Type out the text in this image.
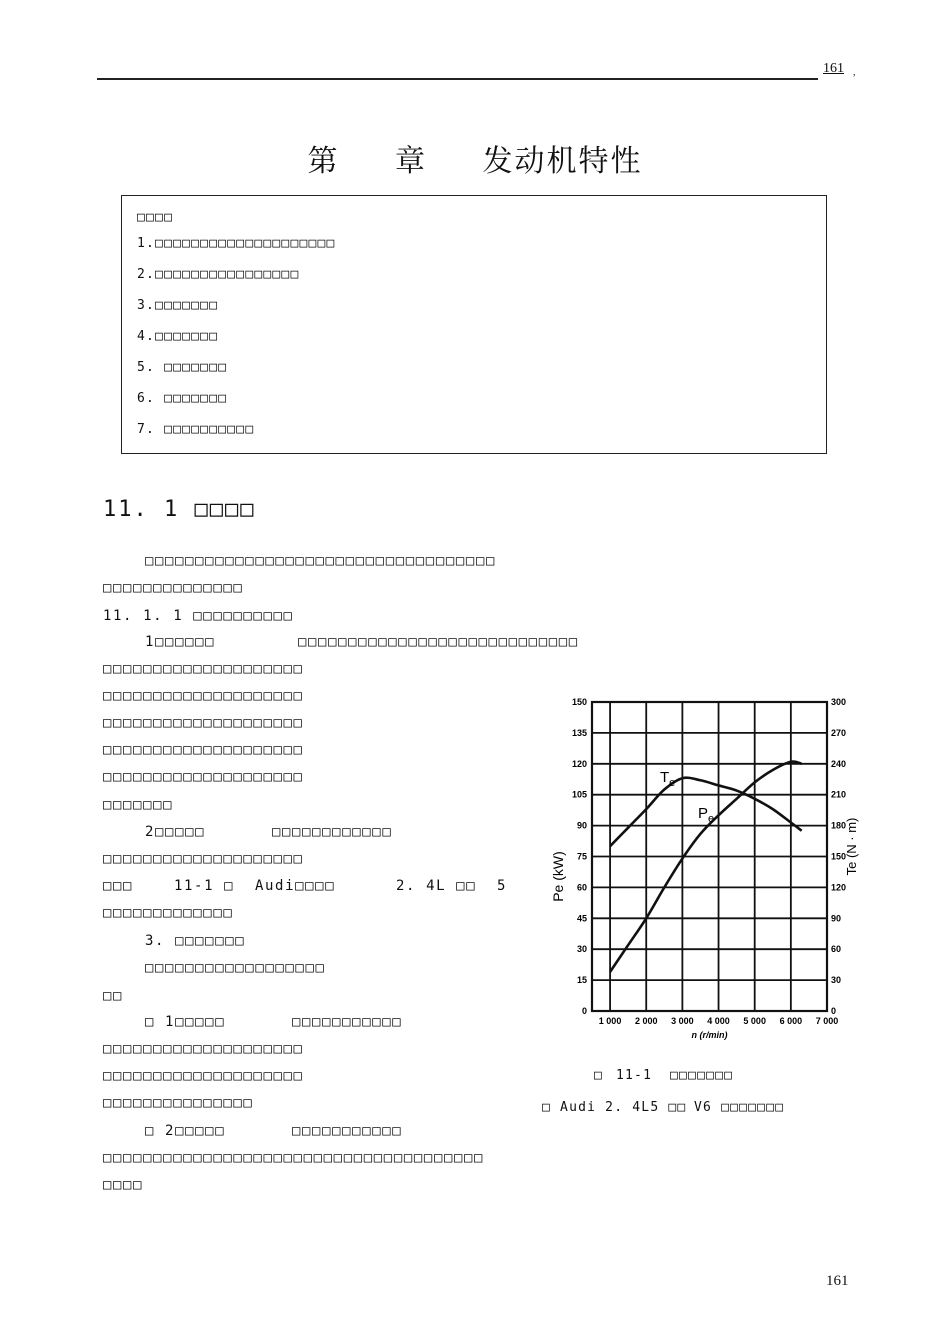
161 ,
第 章 发动机特性
□□□□
1.□□□□□□□□□□□□□□□□□□□□
2.□□□□□□□□□□□□□□□□
3.□□□□□□□
4.□□□□□□□
5. □□□□□□□
6. □□□□□□□
7. □□□□□□□□□□
11. 1 □□□□
□□□□□□□□□□□□□□□□□□□□□□□□□□□□□□□□□□□
□□□□□□□□□□□□□□
11. 1. 1 □□□□□□□□□□
1□□□□□□	□□□□□□□□□□□□□□□□□□□□□□□□□□□□
□□□□□□□□□□□□□□□□□□□□
□□□□□□□□□□□□□□□□□□□□
□□□□□□□□□□□□□□□□□□□□
□□□□□□□□□□□□□□□□□□□□
□□□□□□□□□□□□□□□□□□□□
□□□□□□□
2□□□□□	□□□□□□□□□□□□
□□□□□□□□□□□□□□□□□□□□
□□□	11-1 □ Audi□□□□	2. 4L □□ 5
□□□□□□□□□□□□□
3. □□□□□□□
□□□□□□□□□□□□□□□□□□
□□
□ 1□□□□□	□□□□□□□□□□□
□□□□□□□□□□□□□□□□□□□□
□□□□□□□□□□□□□□□□□□□□
□□□□□□□□□□□□□□□
□ 2□□□□□	□□□□□□□□□□□
□□□□□□□□□□□□□□□□□□□□□□□□□□□□□□□□□□□□□□
□□□□
0
15
30
45
60
75
90
105
120
135
150
0
30
60
90
120
150
180
210
240
270
300
1 000 2 000 3 000 4 000 5 000 6 000 7 000
$T_e$
$P_e$
n (r/min)
Pe (kW)
Te (N · m)
□ 11-1 □□□□□□□
□ Audi 2. 4L5 □□ V6 □□□□□□□
161
